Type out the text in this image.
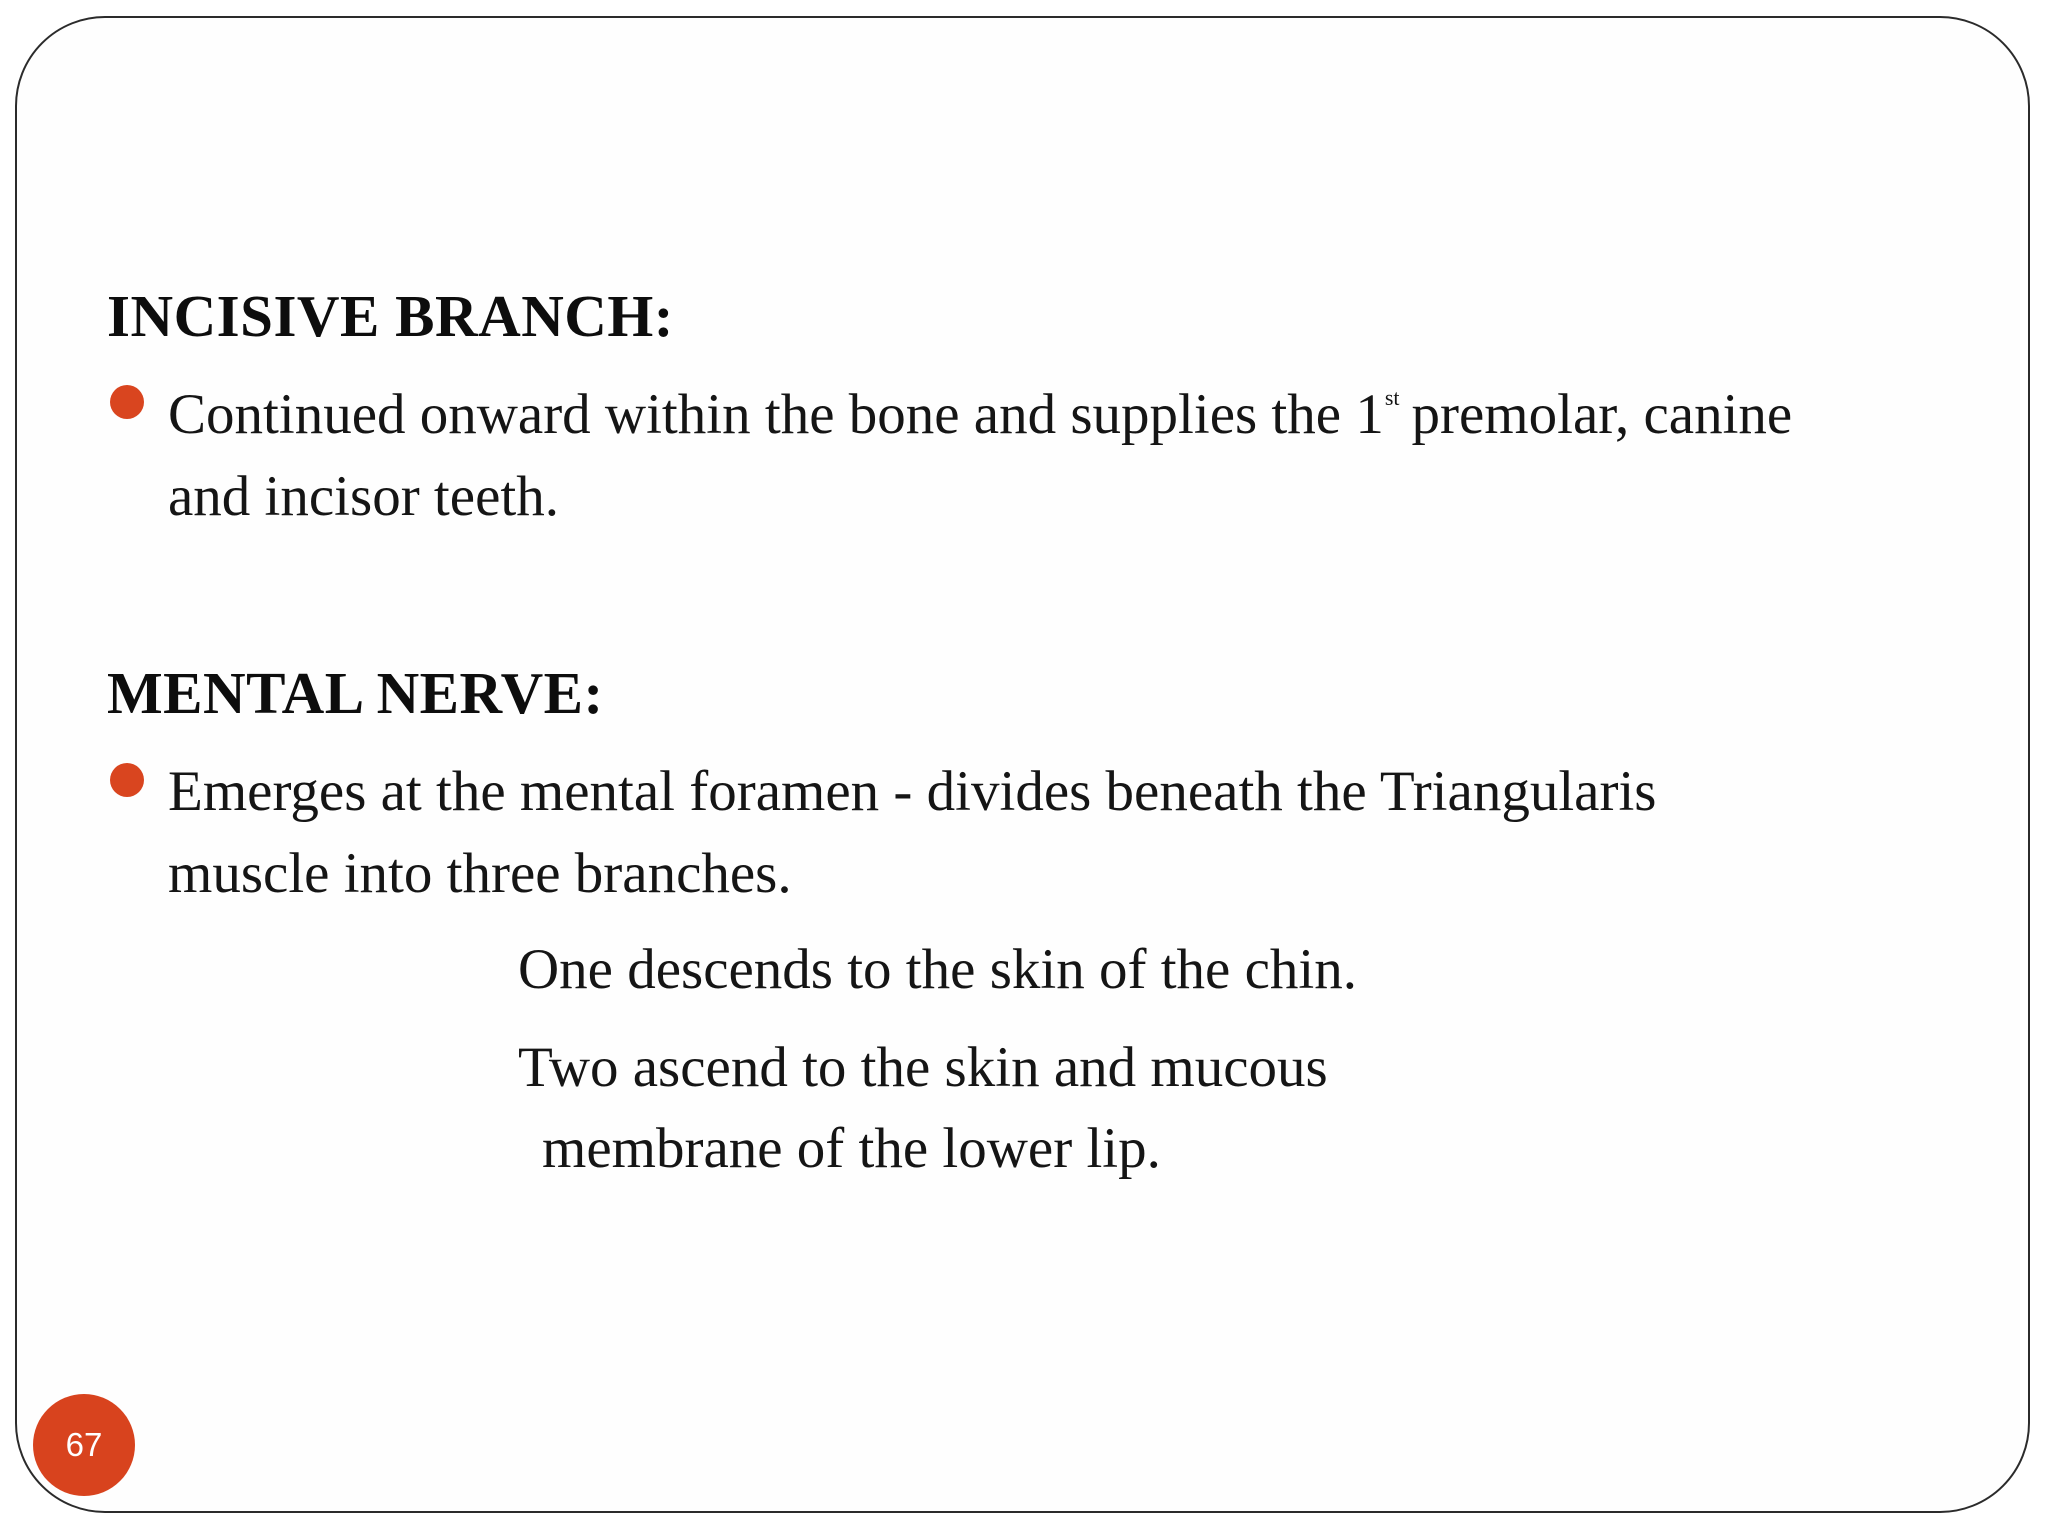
INCISIVE BRANCH:
Continued onward within the bone and supplies the 1st premolar, canine
and incisor teeth.
MENTAL NERVE:
Emerges at the mental foramen - divides beneath the Triangularis
muscle into three branches.
One descends to the skin of the chin.
Two ascend to the skin and mucous
membrane of the lower lip.
67
